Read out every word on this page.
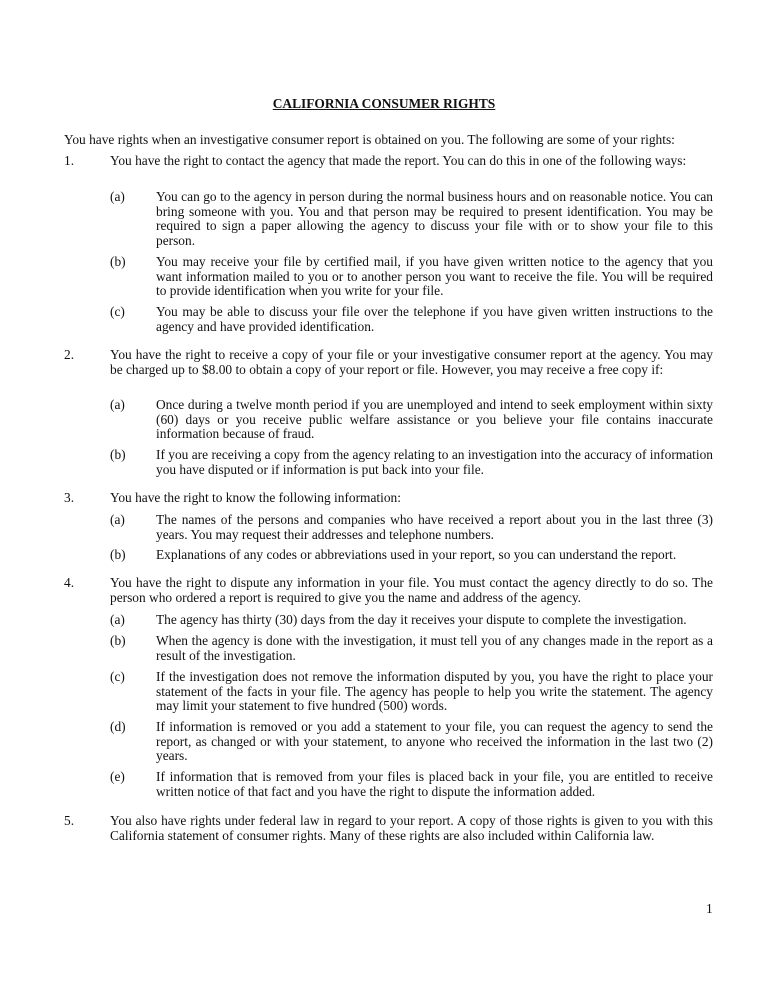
CALIFORNIA CONSUMER RIGHTS
You have rights when an investigative consumer report is obtained on you. The following are some of your rights:
1.	You have the right to contact the agency that made the report. You can do this in one of the following ways:
(a) You can go to the agency in person during the normal business hours and on reasonable notice. You can bring someone with you. You and that person may be required to present identification. You may be required to sign a paper allowing the agency to discuss your file with or to show your file to this person.
(b) You may receive your file by certified mail, if you have given written notice to the agency that you want information mailed to you or to another person you want to receive the file. You will be required to provide identification when you write for your file.
(c) You may be able to discuss your file over the telephone if you have given written instructions to the agency and have provided identification.
2.	You have the right to receive a copy of your file or your investigative consumer report at the agency. You may be charged up to $8.00 to obtain a copy of your report or file. However, you may receive a free copy if:
(a) Once during a twelve month period if you are unemployed and intend to seek employment within sixty (60) days or you receive public welfare assistance or you believe your file contains inaccurate information because of fraud.
(b) If you are receiving a copy from the agency relating to an investigation into the accuracy of information you have disputed or if information is put back into your file.
3.	You have the right to know the following information:
(a) The names of the persons and companies who have received a report about you in the last three (3) years. You may request their addresses and telephone numbers.
(b) Explanations of any codes or abbreviations used in your report, so you can understand the report.
4.	You have the right to dispute any information in your file. You must contact the agency directly to do so. The person who ordered a report is required to give you the name and address of the agency.
(a) The agency has thirty (30) days from the day it receives your dispute to complete the investigation.
(b) When the agency is done with the investigation, it must tell you of any changes made in the report as a result of the investigation.
(c) If the investigation does not remove the information disputed by you, you have the right to place your statement of the facts in your file. The agency has people to help you write the statement. The agency may limit your statement to five hundred (500) words.
(d) If information is removed or you add a statement to your file, you can request the agency to send the report, as changed or with your statement, to anyone who received the information in the last two (2) years.
(e) If information that is removed from your files is placed back in your file, you are entitled to receive written notice of that fact and you have the right to dispute the information added.
5.	You also have rights under federal law in regard to your report. A copy of those rights is given to you with this California statement of consumer rights. Many of these rights are also included within California law.
1
